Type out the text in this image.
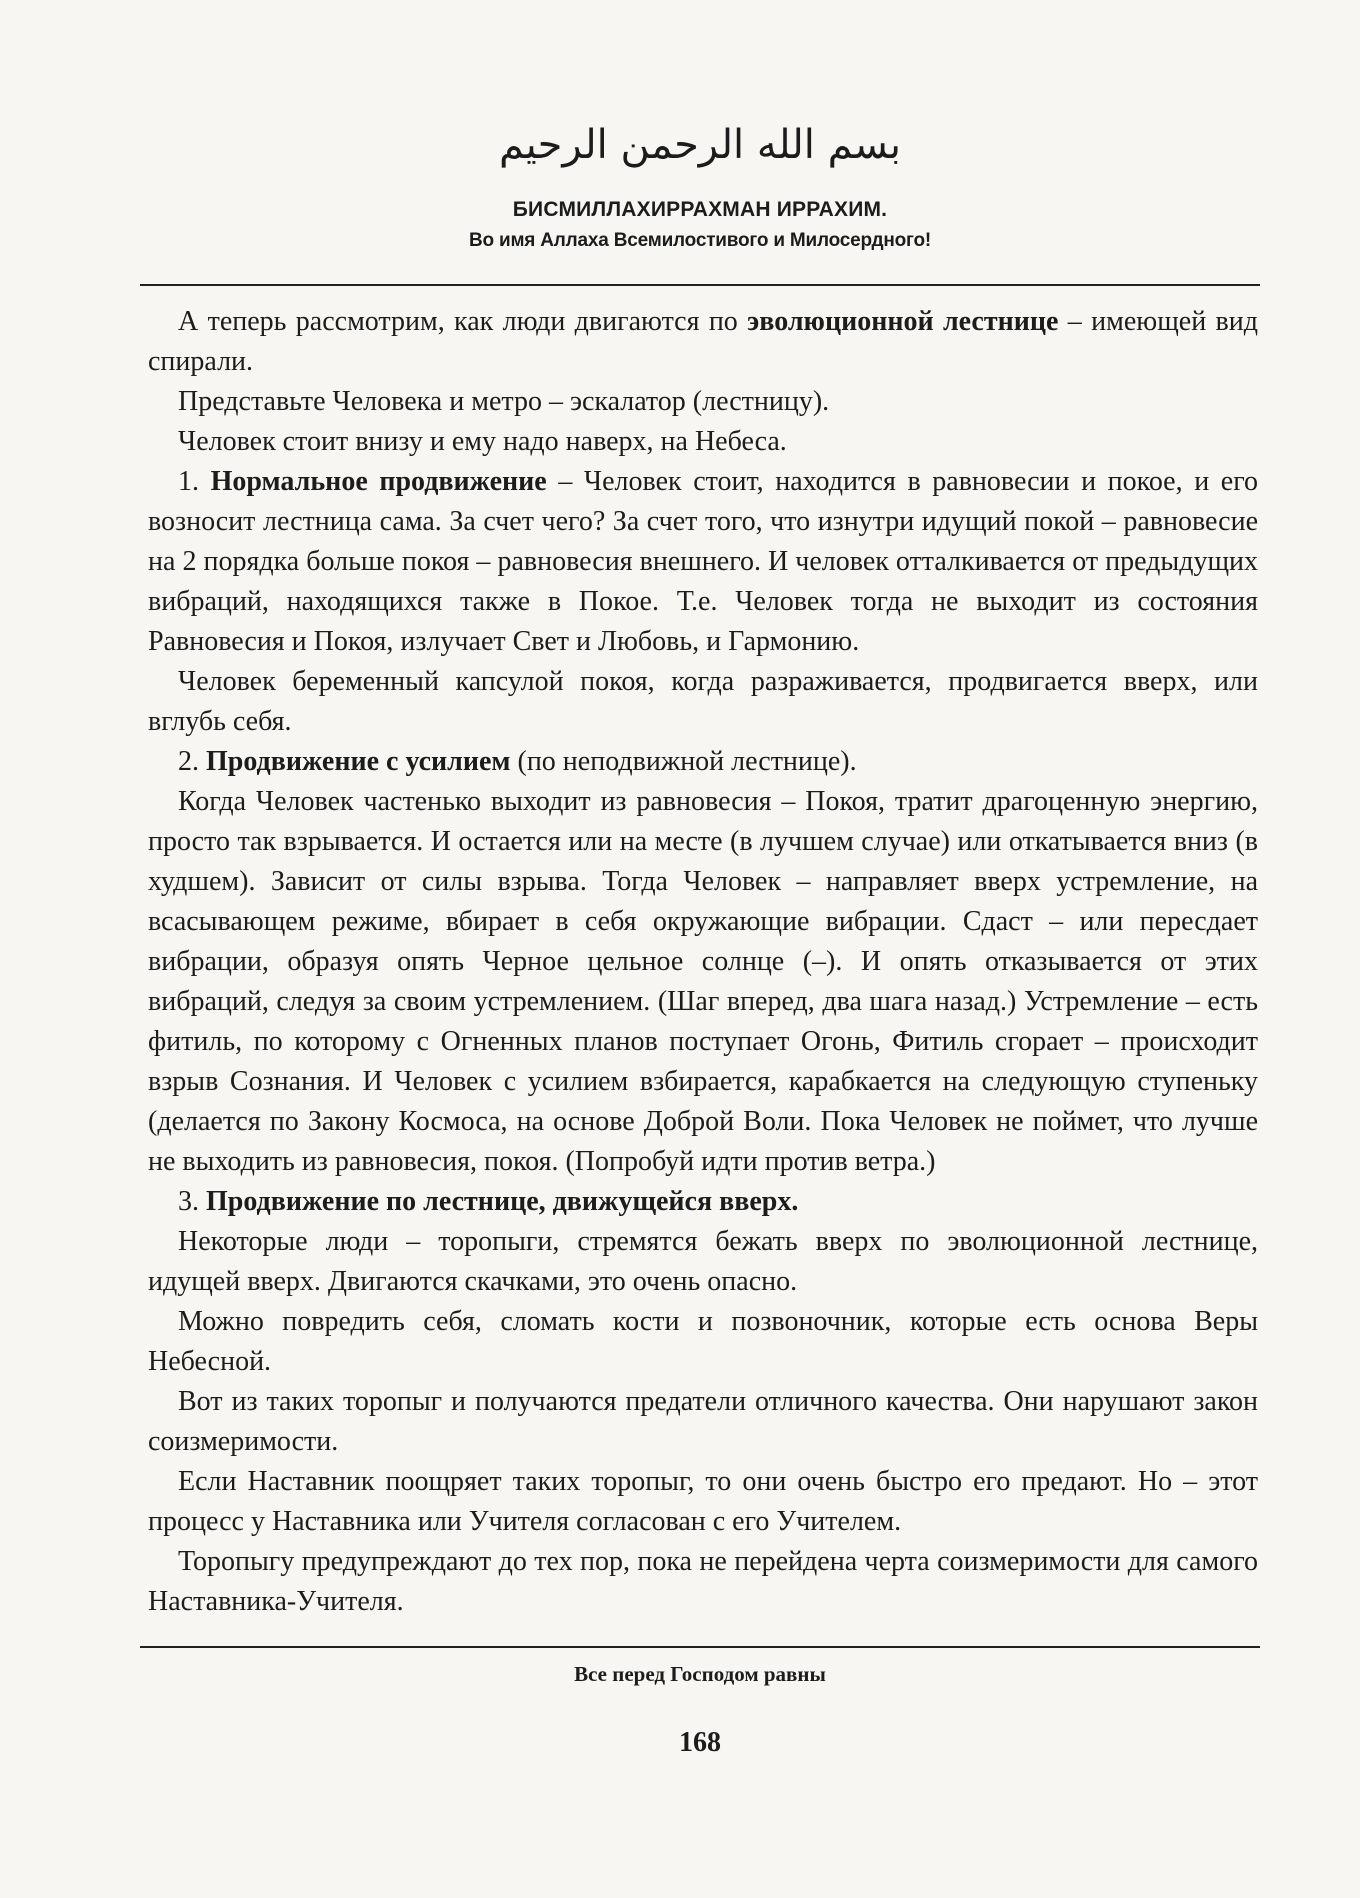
بسم الله الرحمن الرحيم
БИСМИЛЛАХИРРАХМАН ИРРАХИМ.
Во имя Аллаха Всемилостивого и Милосердного!

А теперь рассмотрим, как люди двигаются по эволюционной лестнице – имеющей вид спирали.

Представьте Человека и метро – эскалатор (лестницу).

Человек стоит внизу и ему надо наверх, на Небеса.

1. Нормальное продвижение – Человек стоит, находится в равновесии и покое, и его возносит лестница сама. За счет чего? За счет того, что изнутри идущий покой – равновесие на 2 порядка больше покоя – равновесия внешнего. И человек отталкивается от предыдущих вибраций, находящихся также в Покое. Т.е. Человек тогда не выходит из состояния Равновесия и Покоя, излучает Свет и Любовь, и Гармонию.

Человек беременный капсулой покоя, когда разраживается, продвигается вверх, или вглубь себя.

2. Продвижение с усилием (по неподвижной лестнице).

Когда Человек частенько выходит из равновесия – Покоя, тратит драгоценную энергию, просто так взрывается. И остается или на месте (в лучшем случае) или откатывается вниз (в худшем). Зависит от силы взрыва. Тогда Человек – направляет вверх устремление, на всасывающем режиме, вбирает в себя окружающие вибрации. Сдаст – или пересдает вибрации, образуя опять Черное цельное солнце (–). И опять отказывается от этих вибраций, следуя за своим устремлением. (Шаг вперед, два шага назад.) Устремление – есть фитиль, по которому с Огненных планов поступает Огонь, Фитиль сгорает – происходит взрыв Сознания. И Человек с усилием взбирается, карабкается на следующую ступеньку (делается по Закону Космоса, на основе Доброй Воли. Пока Человек не поймет, что лучше не выходить из равновесия, покоя. (Попробуй идти против ветра.)

3. Продвижение по лестнице, движущейся вверх.

Некоторые люди – торопыги, стремятся бежать вверх по эволюционной лестнице, идущей вверх. Двигаются скачками, это очень опасно.

Можно повредить себя, сломать кости и позвоночник, которые есть основа Веры Небесной.

Вот из таких торопыг и получаются предатели отличного качества. Они нарушают закон соизмеримости.

Если Наставник поощряет таких торопыг, то они очень быстро его предают. Но – этот процесс у Наставника или Учителя согласован с его Учителем.

Торопыгу предупреждают до тех пор, пока не перейдена черта соизмеримости для самого Наставника-Учителя.

Все перед Господом равны
168
